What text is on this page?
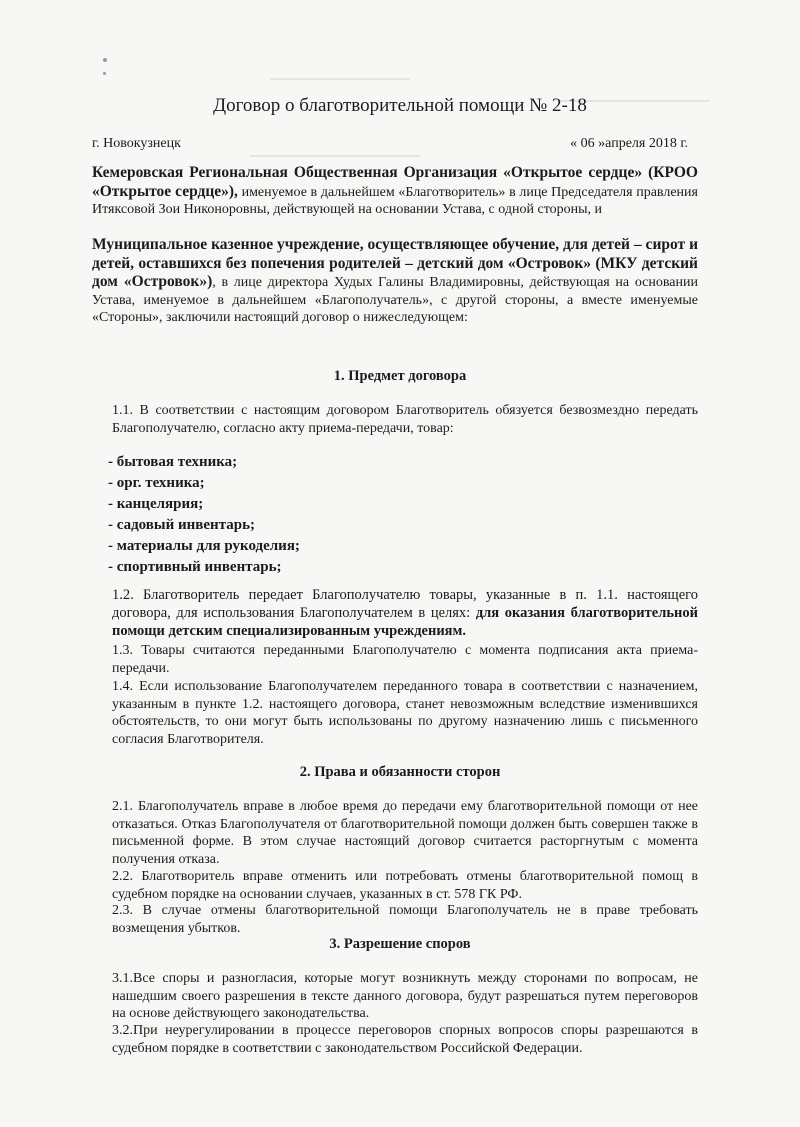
Договор о благотворительной помощи № 2-18
г. Новокузнецк	« 06 »апреля 2018 г.
Кемеровская Региональная Общественная Организация «Открытое сердце» (КРОО «Открытое сердце»), именуемое в дальнейшем «Благотворитель» в лице Председателя правления Итяксовой Зои Никоноровны, действующей на основании Устава, с одной стороны, и
Муниципальное казенное учреждение, осуществляющее обучение, для детей – сирот и детей, оставшихся без попечения родителей – детский дом «Островок» (МКУ детский дом «Островок»), в лице директора Худых Галины Владимировны, действующая на основании Устава, именуемое в дальнейшем «Благополучатель», с другой стороны, а вместе именуемые «Стороны», заключили настоящий договор о нижеследующем:
1. Предмет договора
1.1. В соответствии с настоящим договором Благотворитель обязуется безвозмездно передать Благополучателю, согласно акту приема-передачи, товар:
- бытовая техника;
- орг. техника;
- канцелярия;
- садовый инвентарь;
- материалы для рукоделия;
- спортивный инвентарь;
1.2. Благотворитель передает Благополучателю товары, указанные в п. 1.1. настоящего договора, для использования Благополучателем в целях: для оказания благотворительной помощи детским специализированным учреждениям.
1.3. Товары считаются переданными Благополучателю с момента подписания акта приема-передачи.
1.4. Если использование Благополучателем переданного товара в соответствии с назначением, указанным в пункте 1.2. настоящего договора, станет невозможным вследствие изменившихся обстоятельств, то они могут быть использованы по другому назначению лишь с письменного согласия Благотворителя.
2. Права и обязанности сторон
2.1. Благополучатель вправе в любое время до передачи ему благотворительной помощи от нее отказаться. Отказ Благополучателя от благотворительной помощи должен быть совершен также в письменной форме. В этом случае настоящий договор считается расторгнутым с момента получения отказа.
2.2. Благотворитель вправе отменить или потребовать отмены благотворительной помощ в судебном порядке на основании случаев, указанных в ст. 578 ГК РФ.
2.3. В случае отмены благотворительной помощи Благополучатель не в праве требовать возмещения убытков.
3. Разрешение споров
3.1.Все споры и разногласия, которые могут возникнуть между сторонами по вопросам, не нашедшим своего разрешения в тексте данного договора, будут разрешаться путем переговоров на основе действующего законодательства.
3.2.При неурегулировании в процессе переговоров спорных вопросов споры разрешаются в судебном порядке в соответствии с законодательством Российской Федерации.
